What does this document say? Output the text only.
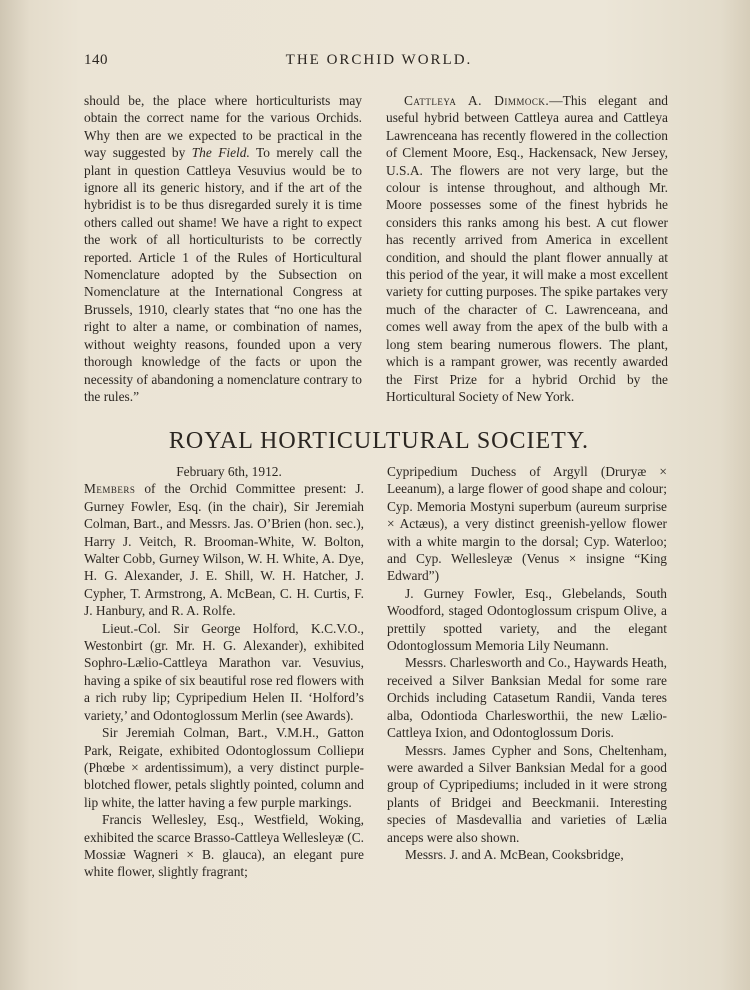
140	THE ORCHID WORLD.

should be, the place where horticulturists may obtain the correct name for the various Orchids. Why then are we expected to be practical in the way suggested by The Field. To merely call the plant in question Cattleya Vesuvius would be to ignore all its generic history, and if the art of the hybridist is to be thus disregarded surely it is time others called out shame! We have a right to expect the work of all horticulturists to be correctly reported. Article 1 of the Rules of Horticultural Nomenclature adopted by the Subsection on Nomenclature at the International Congress at Brussels, 1910, clearly states that “no one has the right to alter a name, or combination of names, without weighty reasons, founded upon a very thorough knowledge of the facts or upon the necessity of abandoning a nomenclature contrary to the rules.”

Cattleya A. Dimmock.—This elegant and useful hybrid between Cattleya aurea and Cattleya Lawrenceana has recently flowered in the collection of Clement Moore, Esq., Hackensack, New Jersey, U.S.A. The flowers are not very large, but the colour is intense throughout, and although Mr. Moore possesses some of the finest hybrids he considers this ranks among his best. A cut flower has recently arrived from America in excellent condition, and should the plant flower annually at this period of the year, it will make a most excellent variety for cutting purposes. The spike partakes very much of the character of C. Lawrenceana, and comes well away from the apex of the bulb with a long stem bearing numerous flowers. The plant, which is a rampant grower, was recently awarded the First Prize for a hybrid Orchid by the Horticultural Society of New York.

ROYAL HORTICULTURAL SOCIETY.

February 6th, 1912.

Members of the Orchid Committee present: J. Gurney Fowler, Esq. (in the chair), Sir Jeremiah Colman, Bart., and Messrs. Jas. O’Brien (hon. sec.), Harry J. Veitch, R. Brooman-White, W. Bolton, Walter Cobb, Gurney Wilson, W. H. White, A. Dye, H. G. Alexander, J. E. Shill, W. H. Hatcher, J. Cypher, T. Armstrong, A. McBean, C. H. Curtis, F. J. Hanbury, and R. A. Rolfe.

Lieut.-Col. Sir George Holford, K.C.V.O., Westonbirt (gr. Mr. H. G. Alexander), exhibited Sophro-Lælio-Cattleya Marathon var. Vesuvius, having a spike of six beautiful rose red flowers with a rich ruby lip; Cypripedium Helen II. ‘Holford’s variety,’ and Odontoglossum Merlin (see Awards).

Sir Jeremiah Colman, Bart., V.M.H., Gatton Park, Reigate, exhibited Odontoglossum Colliери (Phœbe × ardentissimum), a very distinct purple-blotched flower, petals slightly pointed, column and lip white, the latter having a few purple markings.

Francis Wellesley, Esq., Westfield, Woking, exhibited the scarce Brasso-Cattleya Wellesleyæ (C. Mossiæ Wagneri × B. glauca), an elegant pure white flower, slightly fragrant;

Cypripedium Duchess of Argyll (Druryæ × Leeanum), a large flower of good shape and colour; Cyp. Memoria Mostyni superbum (aureum surprise × Actæus), a very distinct greenish-yellow flower with a white margin to the dorsal; Cyp. Waterloo; and Cyp. Wellesleyæ (Venus × insigne “King Edward”)

J. Gurney Fowler, Esq., Glebelands, South Woodford, staged Odontoglossum crispum Olive, a prettily spotted variety, and the elegant Odontoglossum Memoria Lily Neumann.

Messrs. Charlesworth and Co., Haywards Heath, received a Silver Banksian Medal for some rare Orchids including Catasetum Randii, Vanda teres alba, Odontioda Charlesworthii, the new Lælio-Cattleya Ixion, and Odontoglossum Doris.

Messrs. James Cypher and Sons, Cheltenham, were awarded a Silver Banksian Medal for a good group of Cypripediums; included in it were strong plants of Bridgei and Beeckmanii. Interesting species of Masdevallia and varieties of Lælia anceps were also shown.

Messrs. J. and A. McBean, Cooksbridge,
